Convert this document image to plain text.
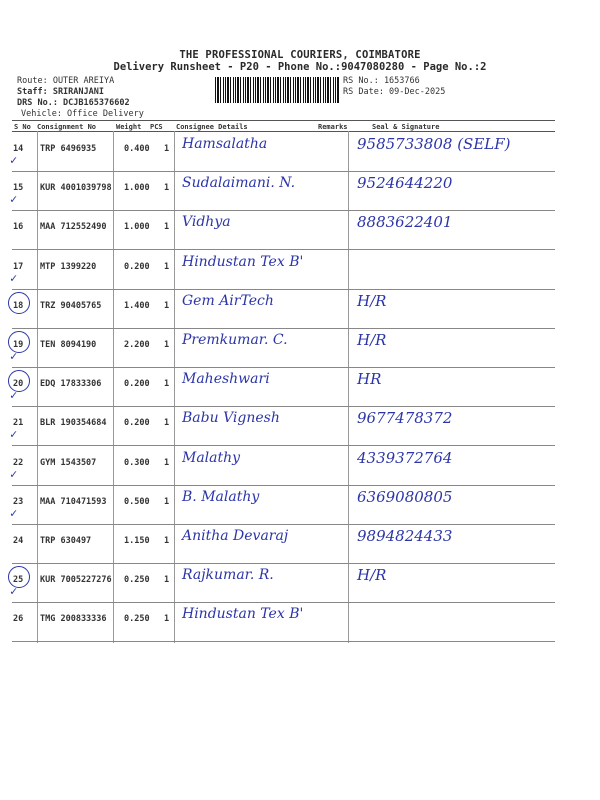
THE PROFESSIONAL COURIERS, COIMBATORE
Delivery Runsheet - P20 - Phone No.:9047080280 - Page No.:2
Route: OUTER AREIYA
Staff: SRIRANJANI
DRS No.: DCJB165376602
Vehicle: Office Delivery
RS No.: 1653766
RS Date: 09-Dec-2025
S No Consignment No	Weight PCS Consignee Details	Remarks	Seal & Signature
14 TRP 6496935	0.400 1 Hamsalatha	9585733808 (SELF)
✓
15 KUR 4001039798 1.000 1 Sudalaimani. N.	9524644220
✓
16 MAA 712552490 1.000 1 Vidhya	8883622401
17 MTP 1399220	0.200 1 Hindustan Tex B'
✓
18 TRZ 90405765	1.400 1 Gem AirTech	H/R
19 TEN 8094190	2.200 1 Premkumar. C.	H/R
✓
20 EDQ 17833306	0.200 1 Maheshwari	HR
✓
21 BLR 190354684 0.200 1 Babu Vignesh	9677478372
✓
22 GYM 1543507	0.300 1 Malathy	4339372764
✓
23 MAA 710471593 0.500 1 B. Malathy	6369080805
✓
24 TRP 630497	1.150 1 Anitha Devaraj	9894824433
25 KUR 7005227276 0.250 1 Rajkumar. R.	H/R
✓
26 TMG 200833336 0.250 1 Hindustan Tex B'
